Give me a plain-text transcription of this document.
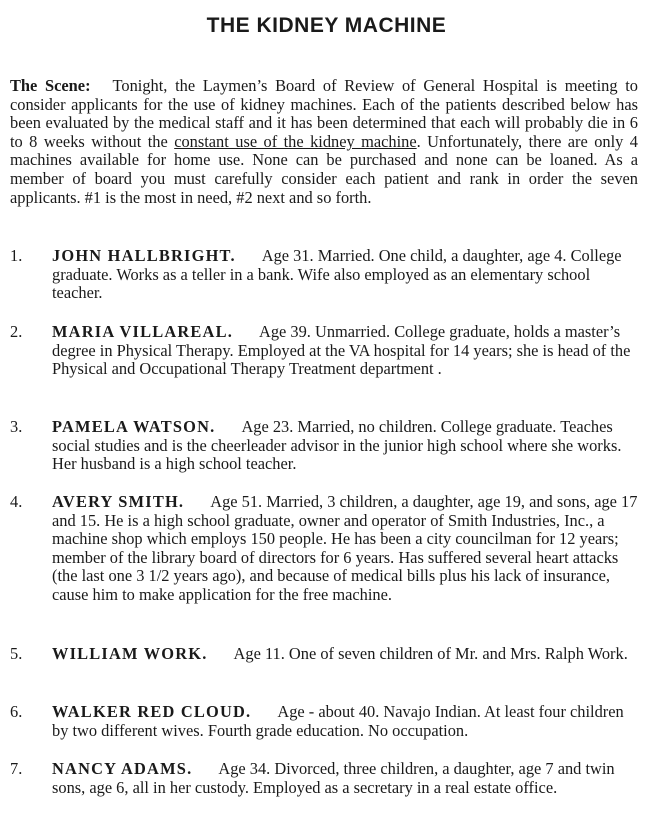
THE KIDNEY MACHINE

The Scene: Tonight, the Laymen’s Board of Review of General Hospital is meeting to consider applicants for the use of kidney machines. Each of the patients described below has been evaluated by the medical staff and it has been determined that each will probably die in 6 to 8 weeks without the constant use of the kidney machine. Unfortunately, there are only 4 machines available for home use. None can be purchased and none can be loaned. As a member of board you must carefully consider each patient and rank in order the seven applicants. #1 is the most in need, #2 next and so forth.

1.	JOHN HALLBRIGHT. Age 31. Married. One child, a daughter, age 4. College graduate. Works as a teller in a bank. Wife also employed as an elementary school teacher.
2.	MARIA VILLAREAL. Age 39. Unmarried. College graduate, holds a master’s degree in Physical Therapy. Employed at the VA hospital for 14 years; she is head of the Physical and Occupational Therapy Treatment department .
3.	PAMELA WATSON. Age 23. Married, no children. College graduate. Teaches social studies and is the cheerleader advisor in the junior high school where she works. Her husband is a high school teacher.
4.	AVERY SMITH. Age 51. Married, 3 children, a daughter, age 19, and sons, age 17 and 15. He is a high school graduate, owner and operator of Smith Industries, Inc., a machine shop which employs 150 people. He has been a city councilman for 12 years; member of the library board of directors for 6 years. Has suffered several heart attacks (the last one 3 1/2 years ago), and because of medical bills plus his lack of insurance, cause him to make application for the free machine.
5.	WILLIAM WORK. Age 11. One of seven children of Mr. and Mrs. Ralph Work.
6.	WALKER RED CLOUD. Age - about 40. Navajo Indian. At least four children by two different wives. Fourth grade education. No occupation.
7.	NANCY ADAMS. Age 34. Divorced, three children, a daughter, age 7 and twin sons, age 6, all in her custody. Employed as a secretary in a real estate office.
